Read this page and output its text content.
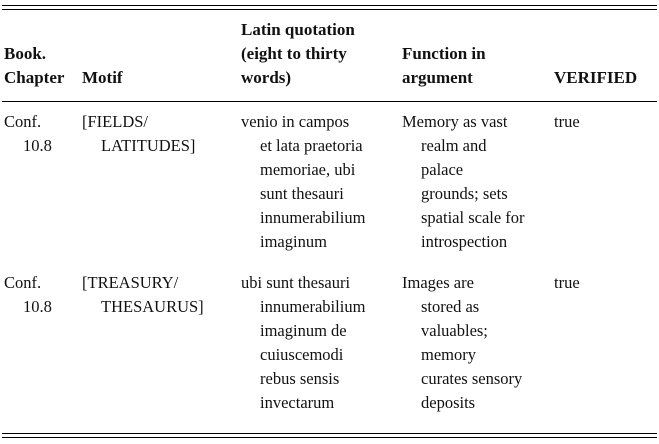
Book.
Chapter Motif
Latin quotation
(eight to thirty
words)
Function in
argument	VERIFIED
Conf.
10.8
[FIELDS/
LATITUDES]
venio in campos
et lata praetoria
memoriae, ubi
sunt thesauri
innumerabilium
imaginum
Memory as vast
realm and
palace
grounds; sets
spatial scale for
introspection
true
Conf.
10.8
[TREASURY/
THESAURUS]
ubi sunt thesauri
innumerabilium
imaginum de
cuiuscemodi
rebus sensis
invectarum
Images are
stored as
valuables;
memory
curates sensory
deposits
true
